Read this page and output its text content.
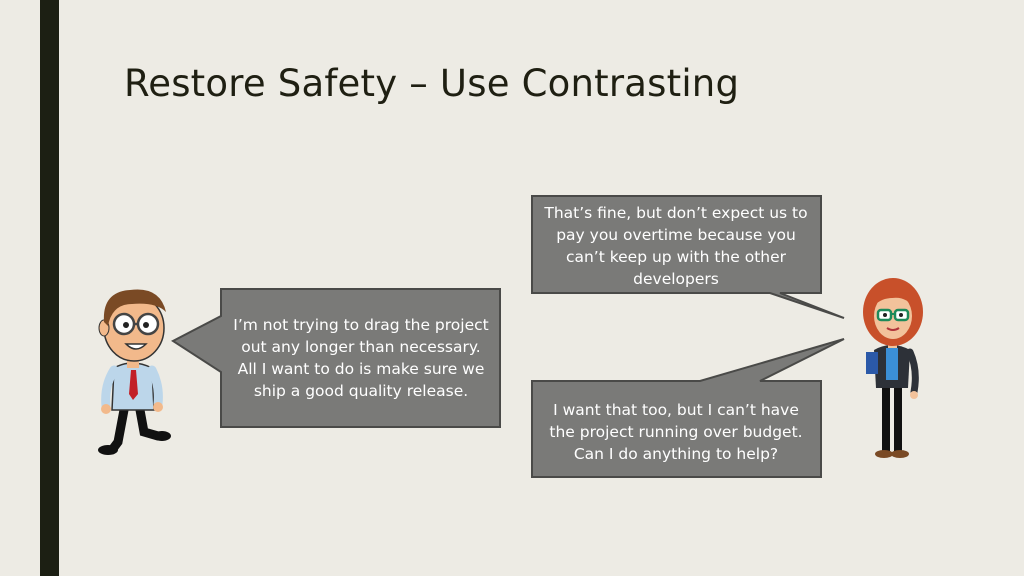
Restore Safety – Use Contrasting
I’m not trying to drag the project
out any longer than necessary.
All I want to do is make sure we
ship a good quality release.
That’s fine, but don’t expect us to
pay you overtime because you
can’t keep up with the other
developers
I want that too, but I can’t have
the project running over budget.
Can I do anything to help?
